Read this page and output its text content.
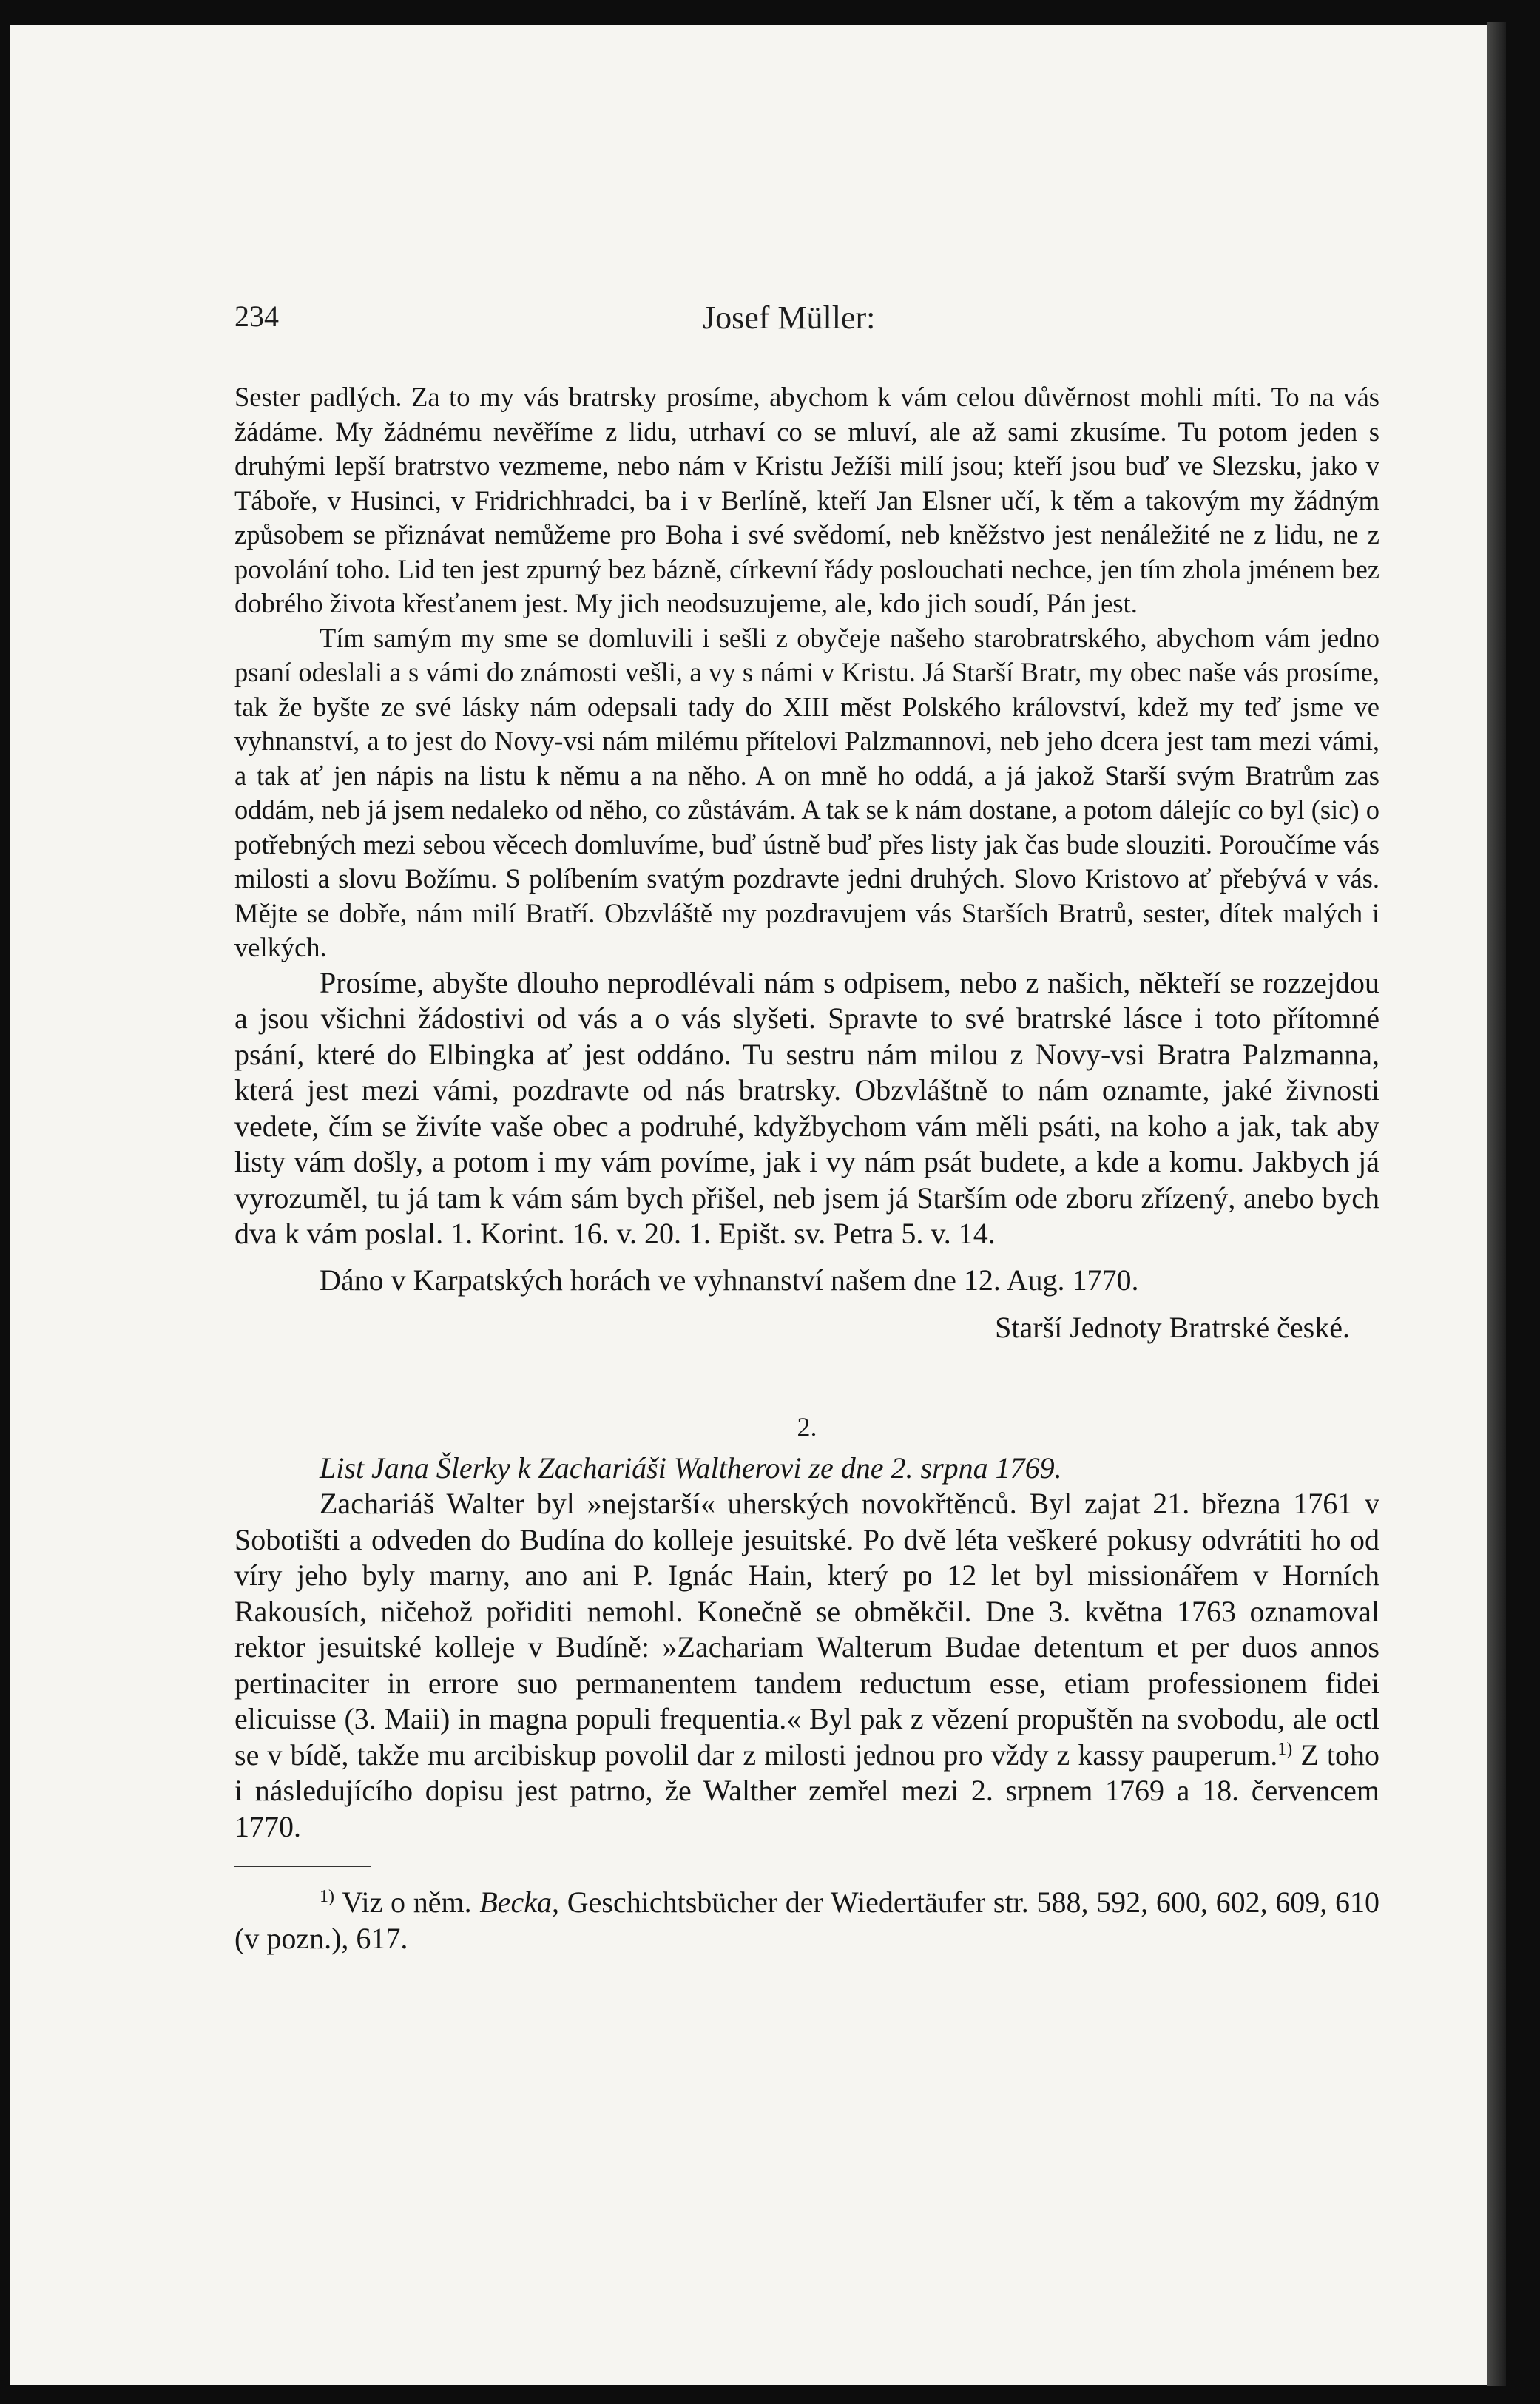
234	Josef Müller:

Sester padlých. Za to my vás bratrsky prosíme, abychom k vám celou důvěrnost mohli míti. To na vás žádáme. My žádnému nevěříme z lidu, utrhaví co se mluví, ale až sami zkusíme. Tu potom jeden s druhými lepší bratrstvo vezmeme, nebo nám v Kristu Ježíši milí jsou; kteří jsou buď ve Slezsku, jako v Táboře, v Husinci, v Fridrichhradci, ba i v Berlíně, kteří Jan Elsner učí, k těm a takovým my žádným způsobem se přiznávat nemůžeme pro Boha i své svědomí, neb kněžstvo jest nenáležité ne z lidu, ne z povolání toho. Lid ten jest zpurný bez bázně, církevní řády poslouchati nechce, jen tím zhola jménem bez dobrého života křesťanem jest. My jich neodsuzujeme, ale, kdo jich soudí, Pán jest.

Tím samým my sme se domluvili i sešli z obyčeje našeho starobratrského, abychom vám jedno psaní odeslali a s vámi do známosti vešli, a vy s námi v Kristu. Já Starší Bratr, my obec naše vás prosíme, tak že byšte ze své lásky nám odepsali tady do XIII měst Polského království, kdež my teď jsme ve vyhnanství, a to jest do Novy-vsi nám milému přítelovi Palzmannovi, neb jeho dcera jest tam mezi vámi, a tak ať jen nápis na listu k němu a na něho. A on mně ho oddá, a já jakož Starší svým Bratrům zas oddám, neb já jsem nedaleko od něho, co zůstávám. A tak se k nám dostane, a potom dálejíc co byl (sic) o potřebných mezi sebou věcech domluvíme, buď ústně buď přes listy jak čas bude slouziti. Poroučíme vás milosti a slovu Božímu. S políbením svatým pozdravte jedni druhých. Slovo Kristovo ať přebývá v vás. Mějte se dobře, nám milí Bratří. Obzvláště my pozdravujem vás Starších Bratrů, sester, dítek malých i velkých.

Prosíme, abyšte dlouho neprodlévali nám s odpisem, nebo z našich, někteří se rozzejdou a jsou všichni žádostivi od vás a o vás slyšeti. Spravte to své bratrské lásce i toto přítomné psání, které do Elbingka ať jest oddáno. Tu sestru nám milou z Novy-vsi Bratra Palzmanna, která jest mezi vámi, pozdravte od nás bratrsky. Obzvláštně to nám oznamte, jaké živnosti vedete, čím se živíte vaše obec a podruhé, kdyžbychom vám měli psáti, na koho a jak, tak aby listy vám došly, a potom i my vám povíme, jak i vy nám psát budete, a kde a komu. Jakbych já vyrozuměl, tu já tam k vám sám bych přišel, neb jsem já Starším ode zboru zřízený, anebo bych dva k vám poslal. 1. Korint. 16. v. 20. 1. Epišt. sv. Petra 5. v. 14.

Dáno v Karpatských horách ve vyhnanství našem dne 12. Aug. 1770.

Starší Jednoty Bratrské české.

2.

List Jana Šlerky k Zachariáši Waltherovi ze dne 2. srpna 1769.

Zachariáš Walter byl »nejstarší« uherských novokřtěnců. Byl zajat 21. března 1761 v Sobotišti a odveden do Budína do kolleje jesuitské. Po dvě léta veškeré pokusy odvrátiti ho od víry jeho byly marny, ano ani P. Ignác Hain, který po 12 let byl missionářem v Horních Rakousích, ničehož pořiditi nemohl. Konečně se obměkčil. Dne 3. května 1763 oznamoval rektor jesuitské kolleje v Budíně: »Zachariam Walterum Budae detentum et per duos annos pertinaciter in errore suo permanentem tandem reductum esse, etiam professionem fidei elicuisse (3. Maii) in magna populi frequentia.« Byl pak z vězení propuštěn na svobodu, ale octl se v bídě, takže mu arcibiskup povolil dar z milosti jednou pro vždy z kassy pauperum.$^{1)}$ Z toho i následujícího dopisu jest patrno, že Walther zemřel mezi 2. srpnem 1769 a 18. červencem 1770.

$^{1)}$ Viz o něm. Becka, Geschichtsbücher der Wiedertäufer str. 588, 592, 600, 602, 609, 610 (v pozn.), 617.
